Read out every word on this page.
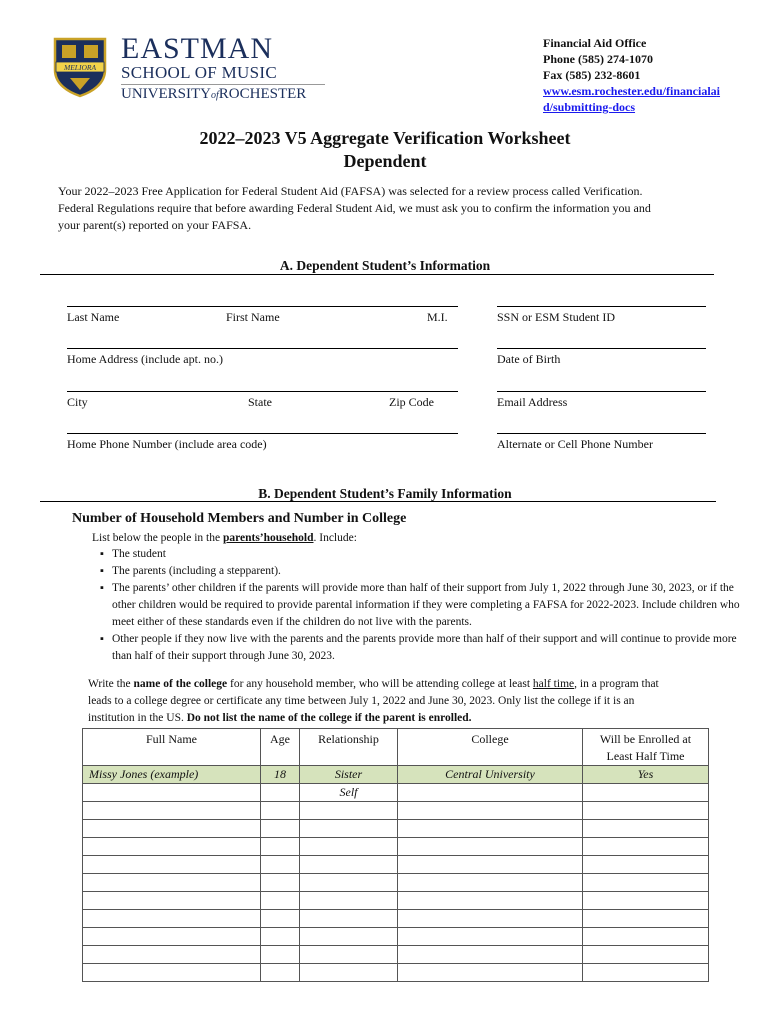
MELIORA
EASTMAN
SCHOOL OF MUSIC
UNIVERSITYofROCHESTER
Financial Aid Office
Phone (585) 274-1070
Fax (585) 232-8601
www.esm.rochester.edu/financialai
d/submitting-docs
2022–2023 V5 Aggregate Verification Worksheet
Dependent
Your 2022–2023 Free Application for Federal Student Aid (FAFSA) was selected for a review process called Verification.
Federal Regulations require that before awarding Federal Student Aid, we must ask you to confirm the information you and
your parent(s) reported on your FAFSA.
A. Dependent Student’s Information
Last Name	First Name	M.I.	SSN or ESM Student ID
Home Address (include apt. no.)	Date of Birth
City	State	Zip Code	Email Address
Home Phone Number (include area code)	Alternate or Cell Phone Number
B. Dependent Student’s Family Information
Number of Household Members and Number in College
List below the people in the parents’household. Include:
▪ The student
▪ The parents (including a stepparent).
▪ The parents’ other children if the parents will provide more than half of their support from July 1, 2022 through June 30, 2023, or if the other children would be required to provide parental information if they were completing a FAFSA for 2022-2023. Include children who meet either of these standards even if the children do not live with the parents.
▪ Other people if they now live with the parents and the parents provide more than half of their support and will continue to provide more than half of their support through June 30, 2023.
Write the name of the college for any household member, who will be attending college at least half time, in a program that
leads to a college degree or certificate any time between July 1, 2022 and June 30, 2023. Only list the college if it is an
institution in the US. Do not list the name of the college if the parent is enrolled.
Full Name	Age	Relationship	College	Will be Enrolled at
Least Half Time
Missy Jones (example)	18	Sister	Central University	Yes
		Self		
